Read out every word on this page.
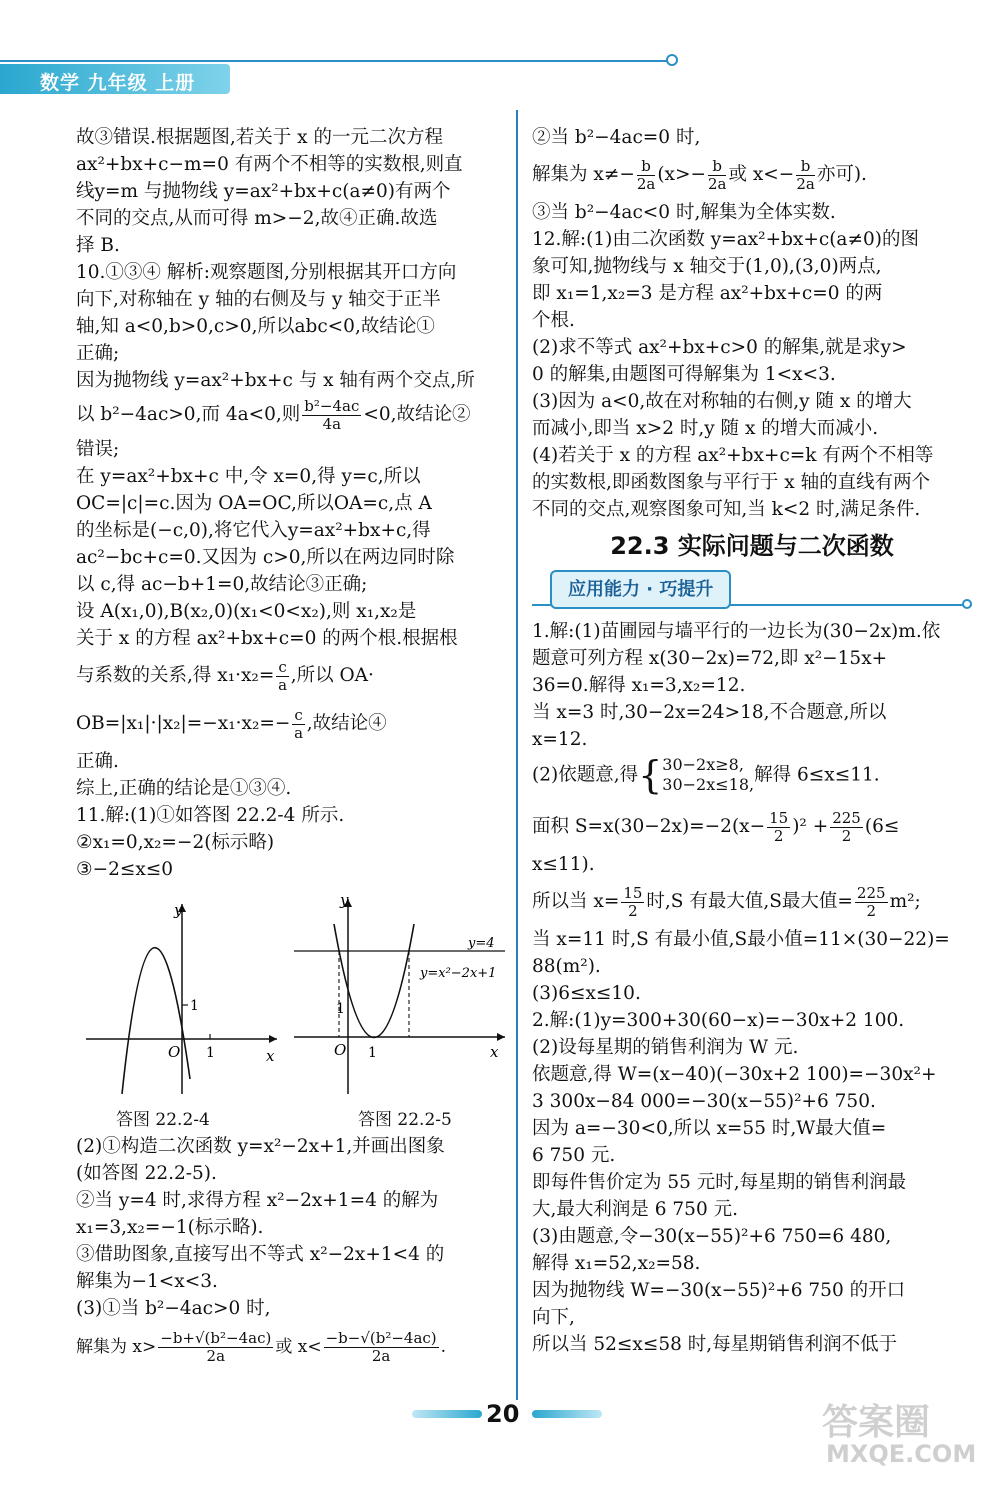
数学 九年级 上册
故③错误.根据题图,若关于 x 的一元二次方程
ax²+bx+c−m=0 有两个不相等的实数根,则直
线y=m 与抛物线 y=ax²+bx+c(a≠0)有两个
不同的交点,从而可得 m>−2,故④正确.故选
择 B.
10.①③④ 解析:观察题图,分别根据其开口方向
向下,对称轴在 y 轴的右侧及与 y 轴交于正半
轴,知 a<0,b>0,c>0,所以abc<0,故结论①
正确;
因为抛物线 y=ax²+bx+c 与 x 轴有两个交点,所
以 b²−4ac>0,而 4a<0,则 $\frac{\text{b²−4ac}}{4a} <0$,故结论②
错误;
在 y=ax²+bx+c 中,令 x=0,得 y=c,所以
OC=|c|=c.因为 OA=OC,所以OA=c,点 A
的坐标是(−c,0),将它代入y=ax²+bx+c,得
ac²−bc+c=0.又因为 c>0,所以在两边同时除
以 c,得 ac−b+1=0,故结论③正确;
设 A(x₁,0),B(x₂,0)(x₁<0<x₂),则 x₁,x₂是
关于 x 的方程 ax²+bx+c=0 的两个根.根据根
与系数的关系,得 $x_1\cdot x_2= \frac{c}{a}$ ,所以 OA·
$OB=|x_1|\cdot|x_2|=-x_1\cdot x_2=- \frac{c}{a}$ ,故结论④
正确.
综上,正确的结论是①③④.
11.解:(1)①如答图 22.2-4 所示.
②x₁=0,x₂=−2(标示略)
③−2≤x≤0
y
x
O 1
1
答图 22.2-4
y
x
O 1
1
y=4
y=x²−2x+1
答图 22.2-5
(2)①构造二次函数 y=x²−2x+1,并画出图象
(如答图 22.2-5).
②当 y=4 时,求得方程 x²−2x+1=4 的解为
x₁=3,x₂=−1(标示略).
③借助图象,直接写出不等式 x²−2x+1<4 的
解集为−1<x<3.
(3)①当 b²−4ac>0 时,
解集为 $x> \frac{\text{−b+√(b²−4ac)}}{2a}$ 或 $x< \frac{\text{−b−√(b²−4ac)}}{2a}$ .
②当 b²−4ac=0 时,
解集为 $x\ne- \frac{b}{2a} (x>- \frac{b}{2a}$ 或 $x<- \frac{b}{2a}$ 亦可).
③当 b²−4ac<0 时,解集为全体实数.
12.解:(1)由二次函数 y=ax²+bx+c(a≠0)的图
象可知,抛物线与 x 轴交于(1,0),(3,0)两点,
即 x₁=1,x₂=3 是方程 ax²+bx+c=0 的两
个根.
(2)求不等式 ax²+bx+c>0 的解集,就是求y>
0 的解集,由题图可得解集为 1<x<3.
(3)因为 a<0,故在对称轴的右侧,y 随 x 的增大
而减小,即当 x>2 时,y 随 x 的增大而减小.
(4)若关于 x 的方程 ax²+bx+c=k 有两个不相等
的实数根,即函数图象与平行于 x 轴的直线有两个
不同的交点,观察图象可知,当 k<2 时,满足条件.
22.3 实际问题与二次函数
应用能力 · 巧提升
1.解:(1)苗圃园与墙平行的一边长为(30−2x)m.依
题意可列方程 x(30−2x)=72,即 x²−15x+
36=0.解得 x₁=3,x₂=12.
当 x=3 时,30−2x=24>18,不合题意,所以
x=12.
(2)依题意,得{ 30−2x≥8,
30−2x≤18, 解得 6≤x≤11.
面积 $S=x(30-2x)=-2(x- \frac{15}{2} )^2 + \frac{225}{2} (6\le$
x≤11).
所以当 $x= \frac{15}{2}$ 时,S 有最大值,S最大值= $\frac{225}{2} m^2$;
当 x=11 时,S 有最小值,S最小值=11×(30−22)=
88(m²).
(3)6≤x≤10.
2.解:(1)y=300+30(60−x)=−30x+2 100.
(2)设每星期的销售利润为 W 元.
依题意,得 W=(x−40)(−30x+2 100)=−30x²+
3 300x−84 000=−30(x−55)²+6 750.
因为 a=−30<0,所以 x=55 时,W最大值=
6 750 元.
即每件售价定为 55 元时,每星期的销售利润最
大,最大利润是 6 750 元.
(3)由题意,令−30(x−55)²+6 750=6 480,
解得 x₁=52,x₂=58.
因为抛物线 W=−30(x−55)²+6 750 的开口
向下,
所以当 52≤x≤58 时,每星期销售利润不低于
20	答案圈
MXQE.COM
